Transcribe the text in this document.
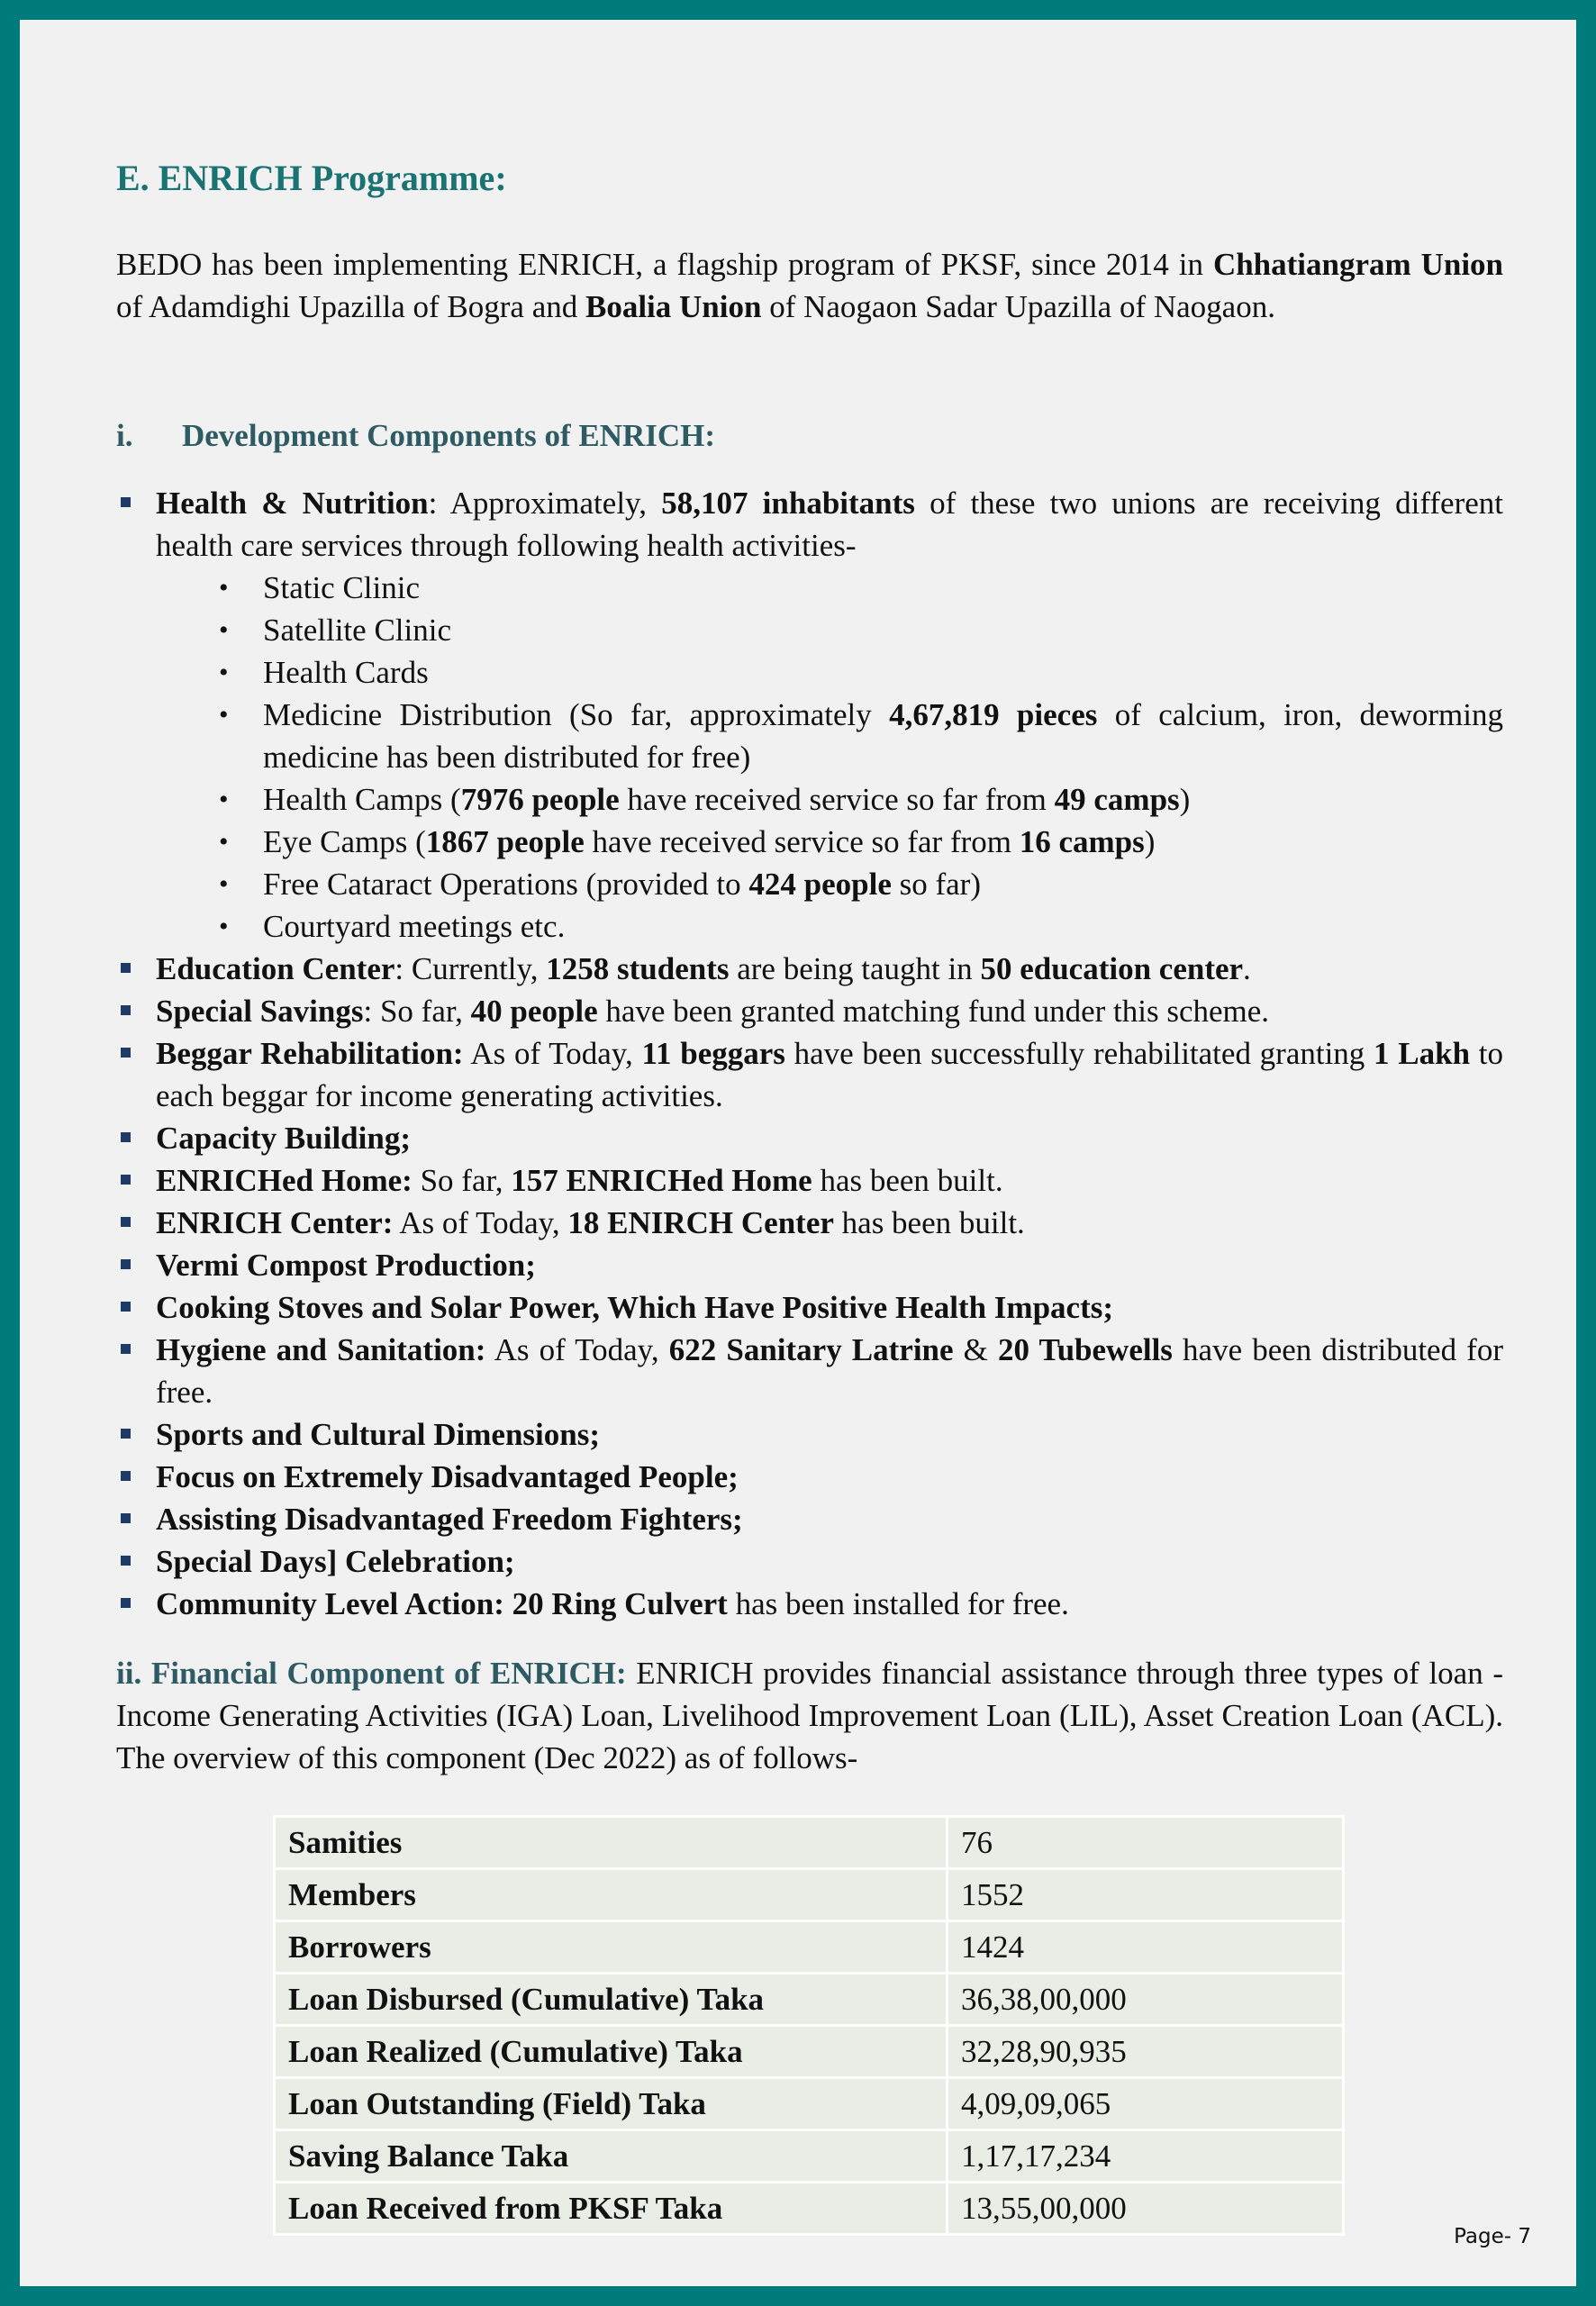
E. ENRICH Programme:

BEDO has been implementing ENRICH, a flagship program of PKSF, since 2014 in Chhatiangram Union of Adamdighi Upazilla of Bogra and Boalia Union of Naogaon Sadar Upazilla of Naogaon.

i. Development Components of ENRICH:

Health & Nutrition: Approximately, 58,107 inhabitants of these two unions are receiving different health care services through following health activities-
• Static Clinic
• Satellite Clinic
• Health Cards
• Medicine Distribution (So far, approximately 4,67,819 pieces of calcium, iron, deworming medicine has been distributed for free)
• Health Camps (7976 people have received service so far from 49 camps)
• Eye Camps (1867 people have received service so far from 16 camps)
• Free Cataract Operations (provided to 424 people so far)
• Courtyard meetings etc.
Education Center: Currently, 1258 students are being taught in 50 education center.
Special Savings: So far, 40 people have been granted matching fund under this scheme.
Beggar Rehabilitation: As of Today, 11 beggars have been successfully rehabilitated granting 1 Lakh to each beggar for income generating activities.
Capacity Building;
ENRICHed Home: So far, 157 ENRICHed Home has been built.
ENRICH Center: As of Today, 18 ENIRCH Center has been built.
Vermi Compost Production;
Cooking Stoves and Solar Power, Which Have Positive Health Impacts;
Hygiene and Sanitation: As of Today, 622 Sanitary Latrine & 20 Tubewells have been distributed for free.
Sports and Cultural Dimensions;
Focus on Extremely Disadvantaged People;
Assisting Disadvantaged Freedom Fighters;
Special Days] Celebration;
Community Level Action: 20 Ring Culvert has been installed for free.

ii. Financial Component of ENRICH: ENRICH provides financial assistance through three types of loan - Income Generating Activities (IGA) Loan, Livelihood Improvement Loan (LIL), Asset Creation Loan (ACL). The overview of this component (Dec 2022) as of follows-

Samities	76
Members	1552
Borrowers	1424
Loan Disbursed (Cumulative) Taka	36,38,00,000
Loan Realized (Cumulative) Taka	32,28,90,935
Loan Outstanding (Field) Taka	4,09,09,065
Saving Balance Taka	1,17,17,234
Loan Received from PKSF Taka	13,55,00,000
Page- 7
